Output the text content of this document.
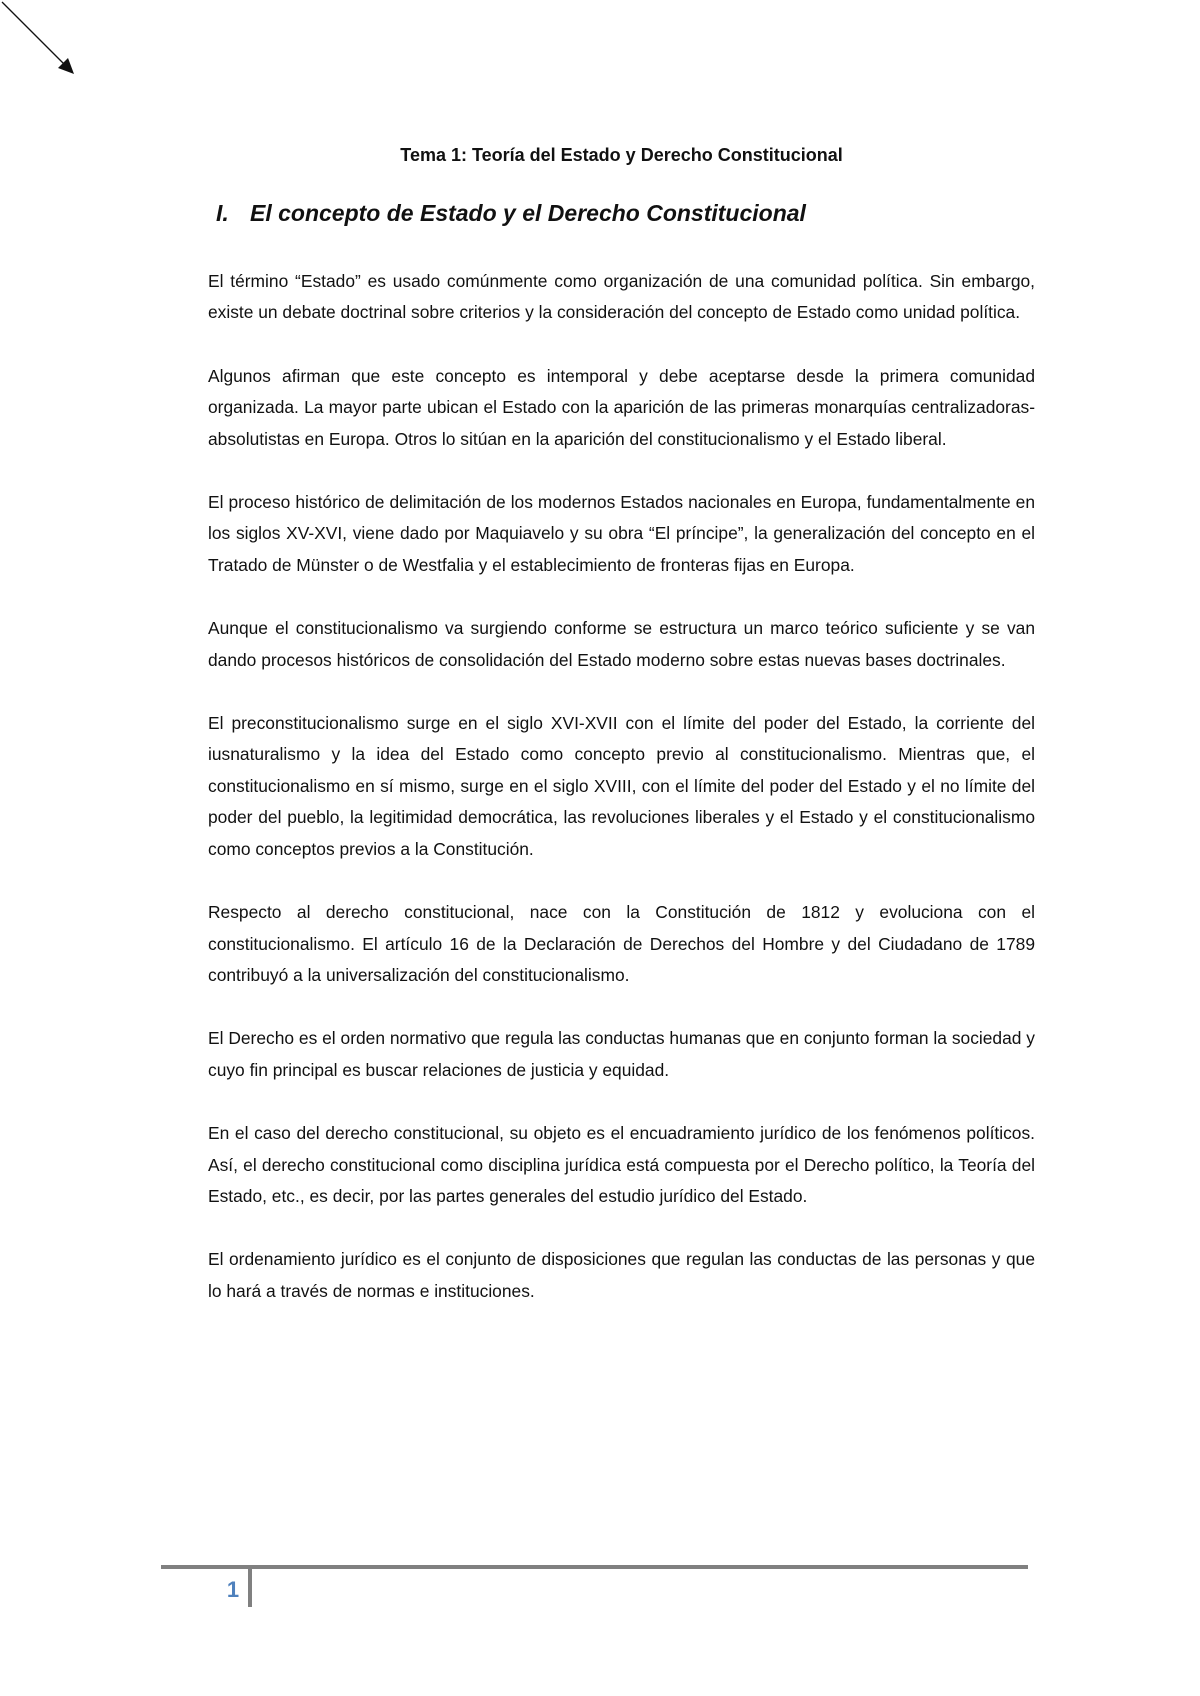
Tema 1: Teoría del Estado y Derecho Constitucional
I. El concepto de Estado y el Derecho Constitucional

El término “Estado” es usado comúnmente como organización de una comunidad política. Sin embargo, existe un debate doctrinal sobre criterios y la consideración del concepto de Estado como unidad política.

Algunos afirman que este concepto es intemporal y debe aceptarse desde la primera comunidad organizada. La mayor parte ubican el Estado con la aparición de las primeras monarquías centralizadoras-absolutistas en Europa. Otros lo sitúan en la aparición del constitucionalismo y el Estado liberal.

El proceso histórico de delimitación de los modernos Estados nacionales en Europa, fundamentalmente en los siglos XV-XVI, viene dado por Maquiavelo y su obra “El príncipe”, la generalización del concepto en el Tratado de Münster o de Westfalia y el establecimiento de fronteras fijas en Europa.

Aunque el constitucionalismo va surgiendo conforme se estructura un marco teórico suficiente y se van dando procesos históricos de consolidación del Estado moderno sobre estas nuevas bases doctrinales.

El preconstitucionalismo surge en el siglo XVI-XVII con el límite del poder del Estado, la corriente del iusnaturalismo y la idea del Estado como concepto previo al constitucionalismo. Mientras que, el constitucionalismo en sí mismo, surge en el siglo XVIII, con el límite del poder del Estado y el no límite del poder del pueblo, la legitimidad democrática, las revoluciones liberales y el Estado y el constitucionalismo como conceptos previos a la Constitución.

Respecto al derecho constitucional, nace con la Constitución de 1812 y evoluciona con el constitucionalismo. El artículo 16 de la Declaración de Derechos del Hombre y del Ciudadano de 1789 contribuyó a la universalización del constitucionalismo.

El Derecho es el orden normativo que regula las conductas humanas que en conjunto forman la sociedad y cuyo fin principal es buscar relaciones de justicia y equidad.

En el caso del derecho constitucional, su objeto es el encuadramiento jurídico de los fenómenos políticos. Así, el derecho constitucional como disciplina jurídica está compuesta por el Derecho político, la Teoría del Estado, etc., es decir, por las partes generales del estudio jurídico del Estado.

El ordenamiento jurídico es el conjunto de disposiciones que regulan las conductas de las personas y que lo hará a través de normas e instituciones.

1
